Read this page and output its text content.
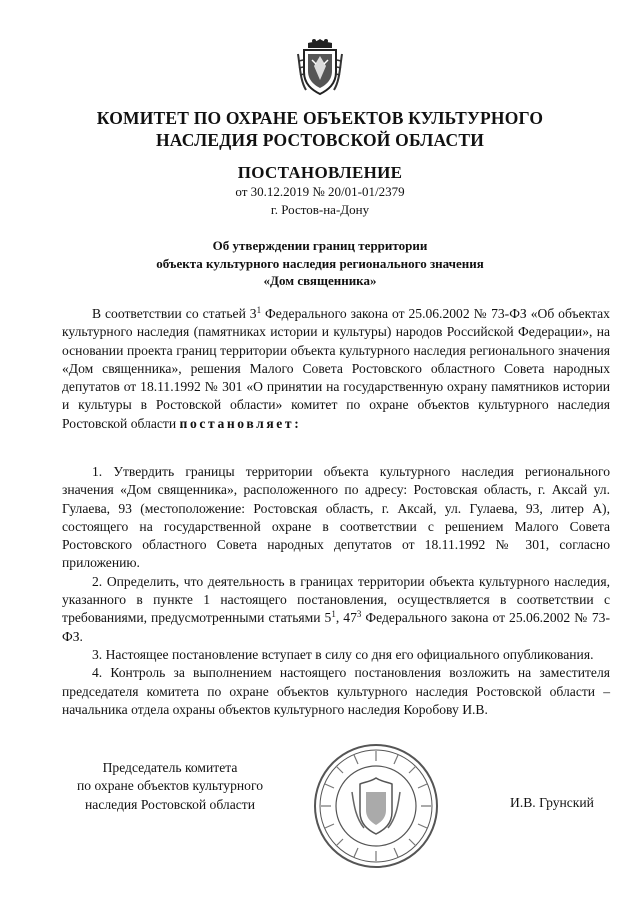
КОМИТЕТ ПО ОХРАНЕ ОБЪЕКТОВ КУЛЬТУРНОГО
НАСЛЕДИЯ РОСТОВСКОЙ ОБЛАСТИ
ПОСТАНОВЛЕНИЕ
от 30.12.2019 № 20/01-01/2379
г. Ростов-на-Дону
Об утверждении границ территории
объекта культурного наследия регионального значения
«Дом священника»

В соответствии со статьей $3^1$ Федерального закона от 25.06.2002 № 73-ФЗ «Об объектах культурного наследия (памятниках истории и культуры) народов Российской Федерации», на основании проекта границ территории объекта культурного наследия регионального значения «Дом священника», решения Малого Совета Ростовского областного Совета народных депутатов от 18.11.1992 № 301 «О принятии на государственную охрану памятников истории и культуры в Ростовской области» комитет по охране объектов культурного наследия Ростовской области постановляет:

1. Утвердить границы территории объекта культурного наследия регионального значения «Дом священника», расположенного по адресу: Ростовская область, г. Аксай ул. Гулаева, 93 (местоположение: Ростовская область, г. Аксай, ул. Гулаева, 93, литер А), состоящего на государственной охране в соответствии с решением Малого Совета Ростовского областного Совета народных депутатов от 18.11.1992 № 301, согласно приложению.

2. Определить, что деятельность в границах территории объекта культурного наследия, указанного в пункте 1 настоящего постановления, осуществляется в соответствии с требованиями, предусмотренными статьями $5^1$, $47^3$ Федерального закона от 25.06.2002 № 73-ФЗ.

3. Настоящее постановление вступает в силу со дня его официального опубликования.

4. Контроль за выполнением настоящего постановления возложить на заместителя председателя комитета по охране объектов культурного наследия Ростовской области – начальника отдела охраны объектов культурного наследия Коробову И.В.

Председатель комитета
по охране объектов культурного
наследия Ростовской области	И.В. Грунский
